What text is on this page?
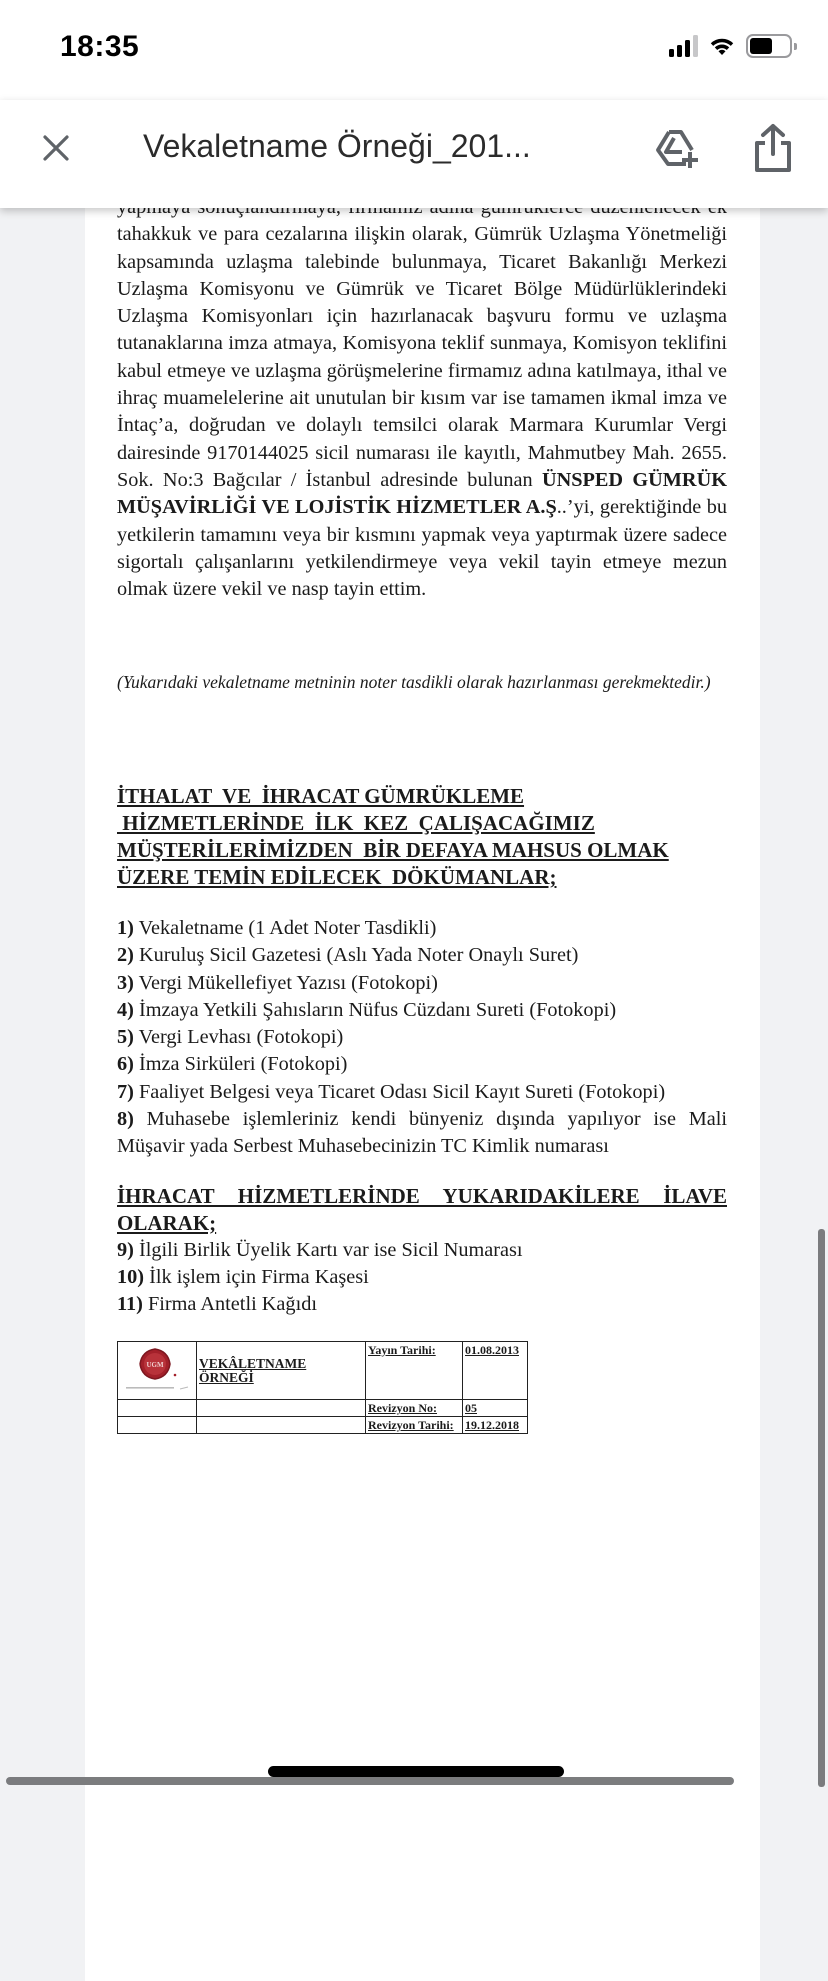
18:35
Vekaletname Örneği_201...

tahakkuk ve para cezalarına ilişkin olarak, Gümrük Uzlaşma Yönetmeliği kapsamında uzlaşma talebinde bulunmaya, Ticaret Bakanlığı Merkezi Uzlaşma Komisyonu ve Gümrük ve Ticaret Bölge Müdürlüklerindeki Uzlaşma Komisyonları için hazırlanacak başvuru formu ve uzlaşma tutanaklarına imza atmaya, Komisyona teklif sunmaya, Komisyon teklifini kabul etmeye ve uzlaşma görüşmelerine firmamız adına katılmaya, ithal ve ihraç muamelelerine ait unutulan bir kısım var ise tamamen ikmal imza ve İntaç’a, doğrudan ve dolaylı temsilci olarak Marmara Kurumlar Vergi dairesinde 9170144025 sicil numarası ile kayıtlı, Mahmutbey Mah. 2655. Sok. No:3 Bağcılar / İstanbul adresinde bulunan ÜNSPED GÜMRÜK MÜŞAVİRLİĞİ VE LOJİSTİK HİZMETLER A.Ş..’yi, gerektiğinde bu yetkilerin tamamını veya bir kısmını yapmak veya yaptırmak üzere sadece sigortalı çalışanlarını yetkilendirmeye veya vekil tayin etmeye mezun olmak üzere vekil ve nasp tayin ettim.

(Yukarıdaki vekaletname metninin noter tasdikli olarak hazırlanması gerekmektedir.)

İTHALAT  VE  İHRACAT GÜMRÜKLEME
HİZMETLERİNDE  İLK  KEZ  ÇALIŞACAĞIMIZ
MÜŞTERİLERİMİZDEN  BİR DEFAYA MAHSUS OLMAK
ÜZERE TEMİN EDİLECEK  DÖKÜMANLAR;

1) Vekaletname (1 Adet Noter Tasdikli)

2) Kuruluş Sicil Gazetesi (Aslı Yada Noter Onaylı Suret)

3) Vergi Mükellefiyet Yazısı (Fotokopi)

4) İmzaya Yetkili Şahısların Nüfus Cüzdanı Sureti (Fotokopi)

5) Vergi Levhası (Fotokopi)

6) İmza Sirküleri (Fotokopi)

7) Faaliyet Belgesi veya Ticaret Odası Sicil Kayıt Sureti (Fotokopi)

8) Muhasebe işlemleriniz kendi bünyeniz dışında yapılıyor ise Mali Müşavir yada Serbest Muhasebecinizin TC Kimlik numarası

İHRACAT HİZMETLERİNDE YUKARIDAKİLERE İLAVE OLARAK;

9) İlgili Birlik Üyelik Kartı var ise Sicil Numarası

10) İlk işlem için Firma Kaşesi

11) Firma Antetli Kağıdı

UGM	VEKÂLETNAME ÖRNEĞİ	Yayın Tarihi:	01.08.2013
		Revizyon No:	05
		Revizyon Tarihi:	19.12.2018
